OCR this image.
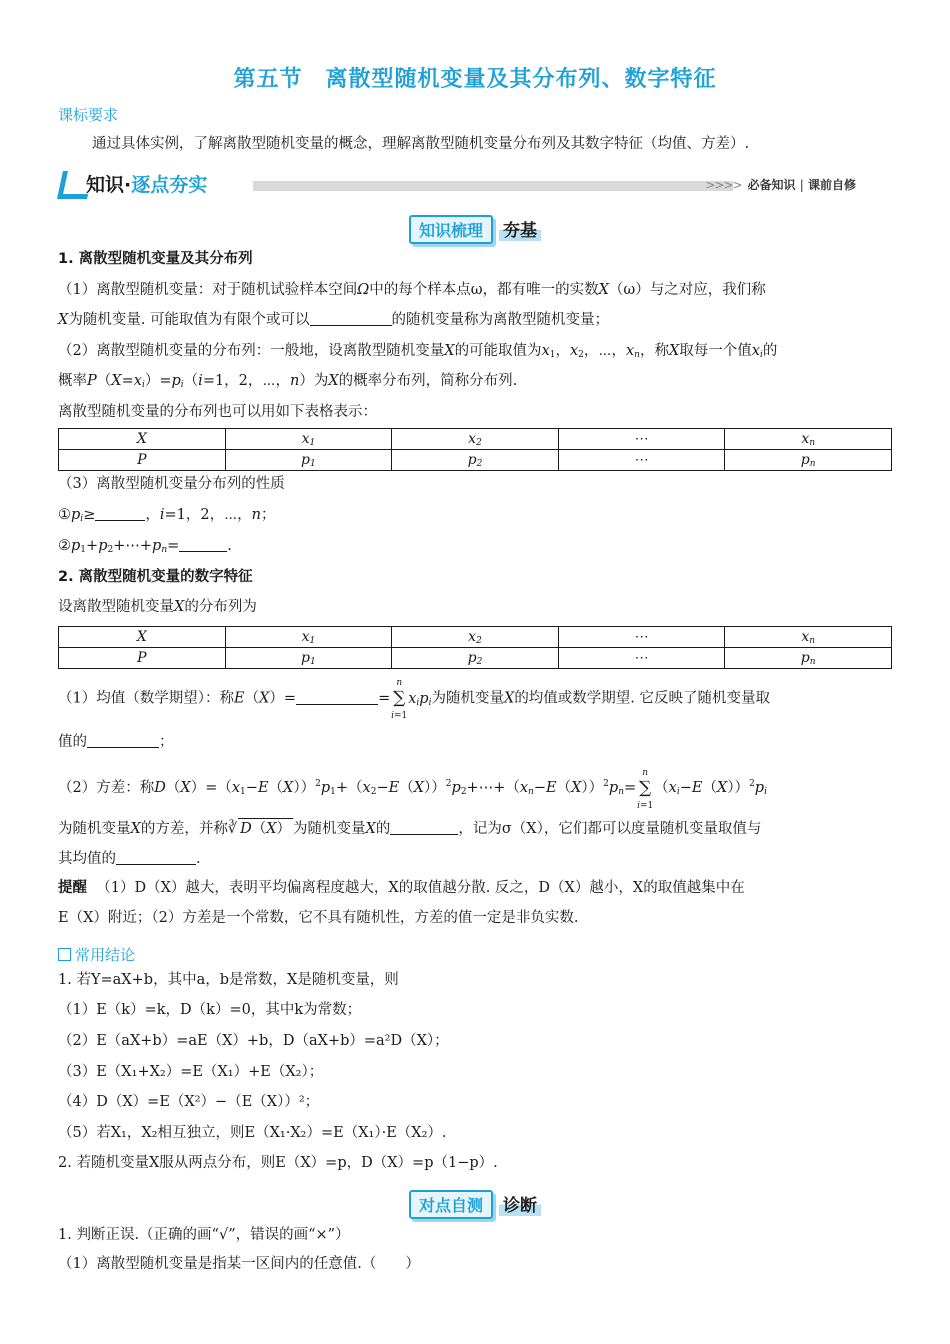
第五节　离散型随机变量及其分布列、数字特征
课标要求
通过具体实例，了解离散型随机变量的概念，理解离散型随机变量分布列及其数字特征（均值、方差）.
知识·逐点夯实	>>>> 必备知识 | 课前自修
知识梳理 夯基
1. 离散型随机变量及其分布列
（1）离散型随机变量：对于随机试验样本空间Ω中的每个样本点ω，都有唯一的实数X（ω）与之对应，我们称
X为随机变量. 可能取值为有限个或可以	的随机变量称为离散型随机变量；
（2）离散型随机变量的分布列：一般地，设离散型随机变量X的可能取值为$x_1$，$x_2$，⋯，$x_n$，称X取每一个值$x_i$的
概率$P(X=x_i)=p_i(i=1$，2，⋯，n）为X的概率分布列，简称分布列.
离散型随机变量的分布列也可以用如下表格表示：
X	$x_1$	$x_2$	⋯	$x_n$
P	$p_1$	$p_2$	⋯	$p_n$
（3）离散型随机变量分布列的性质
$①p_i\ge$	，i=1，2，⋯，n；
$②p_1+p_2+\cdots+p_n=$	.
2. 离散型随机变量的数字特征
设离散型随机变量X的分布列为
X	$x_1$	$x_2$	⋯	$x_n$
P	$p_1$	$p_2$	⋯	$p_n$
（1）均值（数学期望）：称E（X）=	=
n
∑
i=1
$x_ip_i$为随机变量X的均值或数学期望. 它反映了随机变量取
值的	；
（2）方差：称$D(X)=(x_1-E(X))^2p_1+(x_2-E(X))^2p_2+\cdots+(x_n-E(X))^2p_n=$
n
∑
i=1
$(x_i-E(X))^2p_i$
为随机变量X的方差，并称∛ D（X） 为随机变量X的	，记为σ（X），它们都可以度量随机变量取值与
其均值的	.
提醒 （1）D（X）越大，表明平均偏离程度越大，X的取值越分散. 反之，D（X）越小，X的取值越集中在
E（X）附近；（2）方差是一个常数，它不具有随机性，方差的值一定是非负实数.
常用结论
1. 若Y=aX+b，其中a，b是常数，X是随机变量，则
（1）E（k）=k，D（k）=0，其中k为常数；
（2）E（aX+b）=aE（X）+b，D（aX+b）=a²D（X）；
（3）E（X₁+X₂）=E（X₁）+E（X₂）；
（4）D（X）=E（X²）−（E（X））²；
（5）若X₁，X₂相互独立，则E（X₁·X₂）=E（X₁）·E（X₂）.
2. 若随机变量X服从两点分布，则E（X）=p，D（X）=p（1−p）.
对点自测 诊断
1. 判断正误.（正确的画“√”，错误的画“×”）
（1）离散型随机变量是指某一区间内的任意值.（　　）
